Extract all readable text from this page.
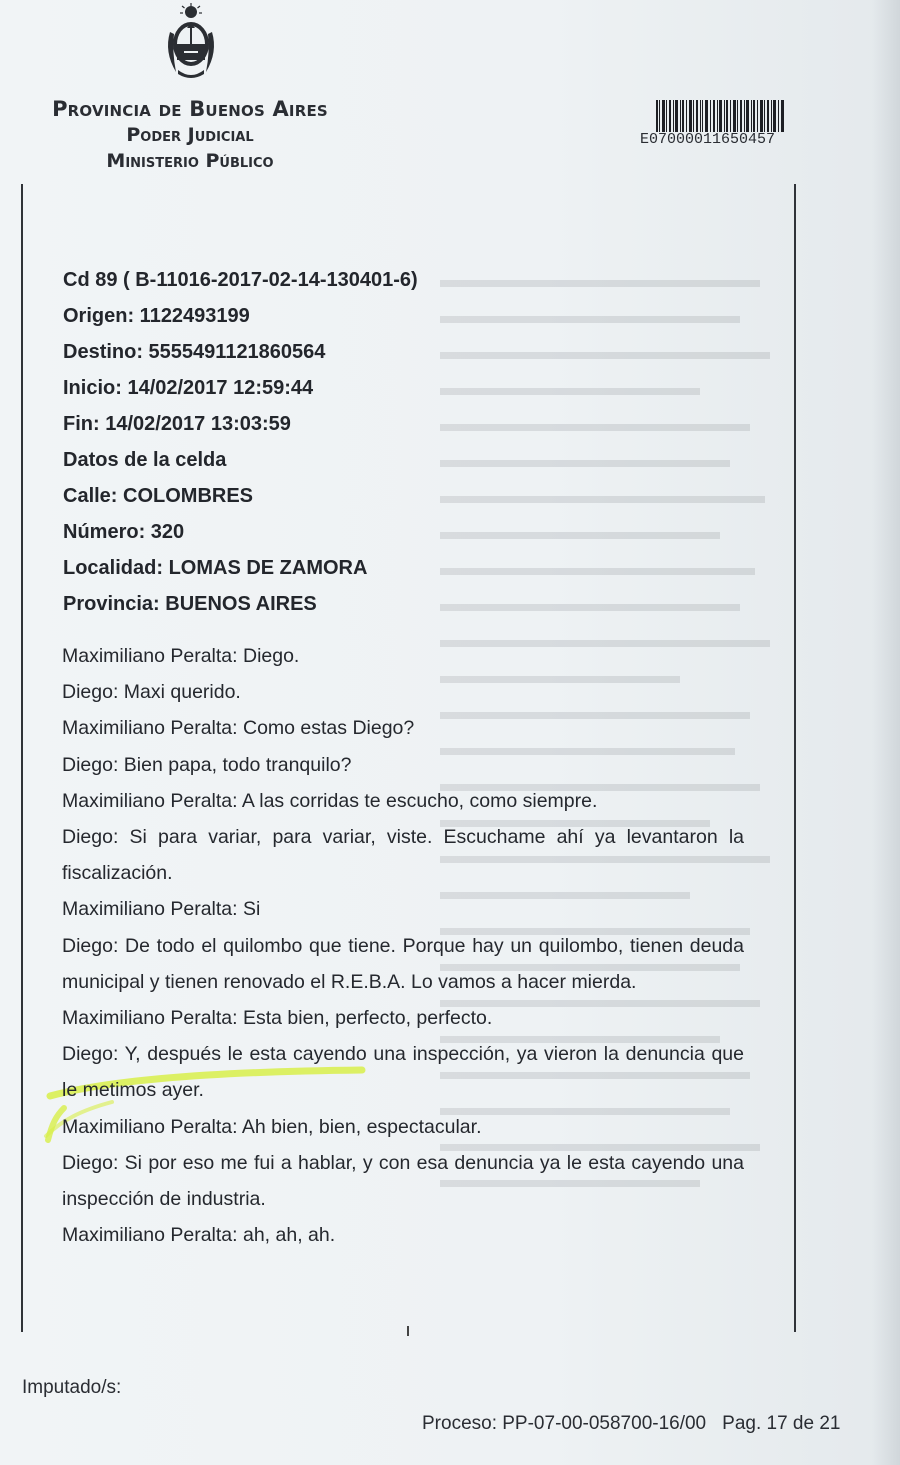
Provincia de Buenos Aires
Poder Judicial
Ministerio Público
E07000011650457
Cd 89 ( B-11016-2017-02-14-130401-6)
Origen: 1122493199
Destino: 5555491121860564
Inicio: 14/02/2017 12:59:44
Fin: 14/02/2017 13:03:59
Datos de la celda
Calle: COLOMBRES
Número: 320
Localidad: LOMAS DE ZAMORA
Provincia: BUENOS AIRES

Maximiliano Peralta: Diego.

Diego: Maxi querido.

Maximiliano Peralta: Como estas Diego?

Diego: Bien papa, todo tranquilo?

Maximiliano Peralta: A las corridas te escucho, como siempre.

Diego: Si para variar, para variar, viste. Escuchame ahí ya levantaron la fiscalización.

Maximiliano Peralta: Si

Diego: De todo el quilombo que tiene. Porque hay un quilombo, tienen deuda municipal y tienen renovado el R.E.B.A. Lo vamos a hacer mierda.

Maximiliano Peralta: Esta bien, perfecto, perfecto.

Diego: Y, después le esta cayendo una inspección, ya vieron la denuncia que le metimos ayer.

Maximiliano Peralta: Ah bien, bien, espectacular.

Diego: Si por eso me fui a hablar, y con esa denuncia ya le esta cayendo una inspección de industria.

Maximiliano Peralta: ah, ah, ah.

Imputado/s:
Proceso: PP-07-00-058700-16/00 Pag. 17 de 21
